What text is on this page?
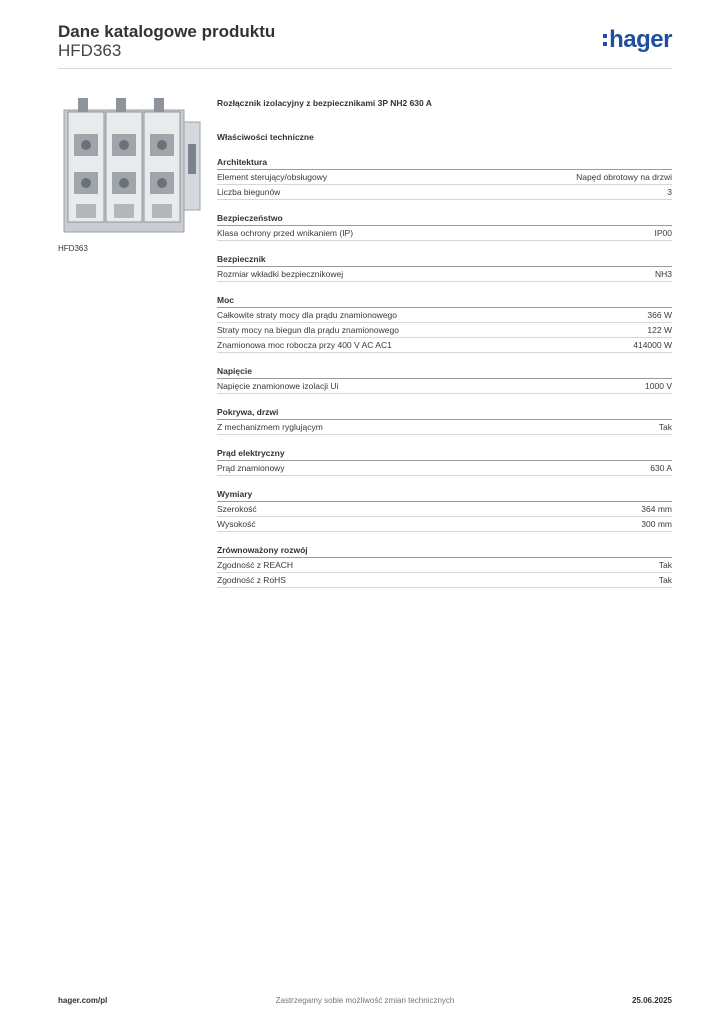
Dane katalogowe produktu
HFD363	hager
HFD363
Rozłącznik izolacyjny z bezpiecznikami 3P NH2 630 A
Właściwości techniczne
Architektura
Element sterujący/obsługowy	Napęd obrotowy na drzwi
Liczba biegunów	3
Bezpieczeństwo
Klasa ochrony przed wnikaniem (IP)	IP00
Bezpiecznik
Rozmiar wkładki bezpiecznikowej	NH3
Moc
Całkowite straty mocy dla prądu znamionowego	366 W
Straty mocy na biegun dla prądu znamionowego	122 W
Znamionowa moc robocza przy 400 V AC AC1	414000 W
Napięcie
Napięcie znamionowe izolacji Ui	1000 V
Pokrywa, drzwi
Z mechanizmem ryglującym	Tak
Prąd elektryczny
Prąd znamionowy	630 A
Wymiary
Szerokość	364 mm
Wysokość	300 mm
Zrównoważony rozwój
Zgodność z REACH	Tak
Zgodność z RoHS	Tak
hager.com/pl	Zastrzegamy sobie możliwość zmian technicznych	25.06.2025
